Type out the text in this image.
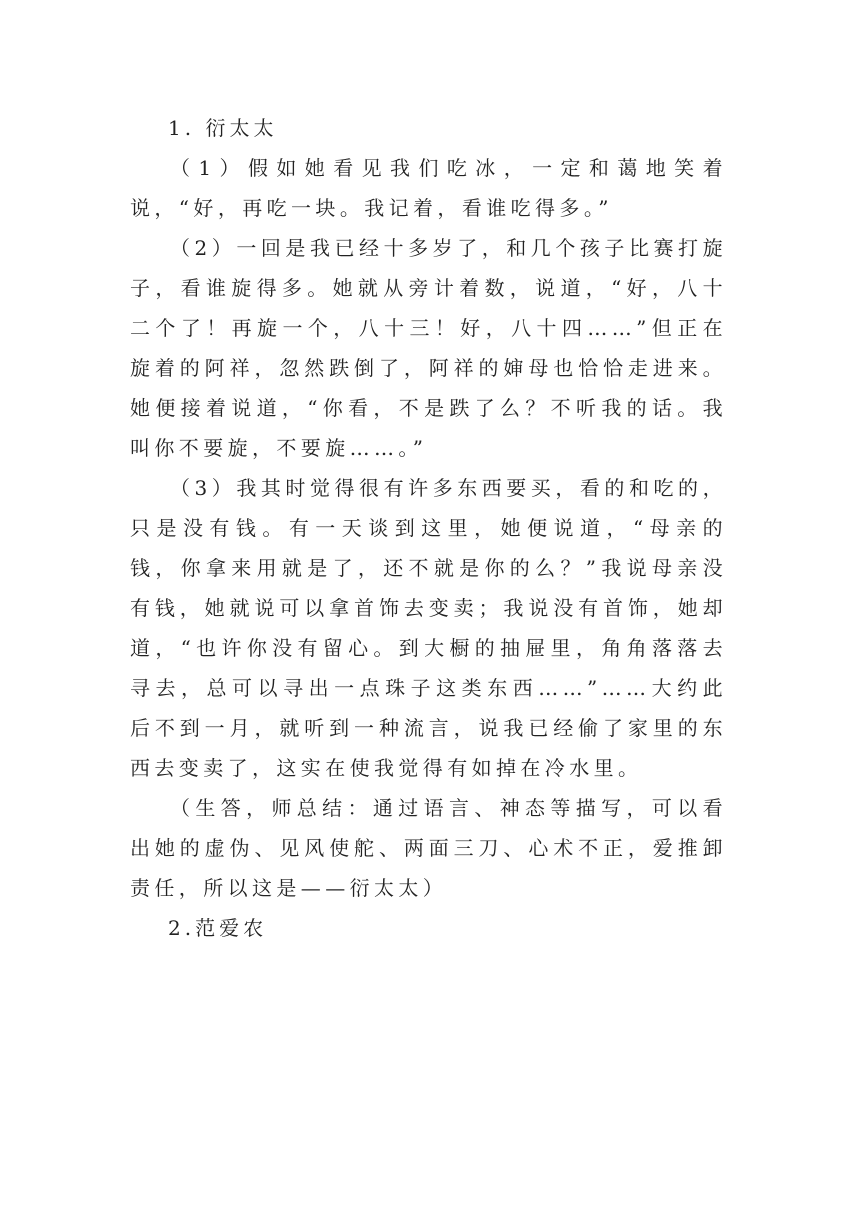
1. 衍太太

（1）假如她看见我们吃冰，一定和蔼地笑着说，“好，再吃一块。我记着，看谁吃得多。”

（2）一回是我已经十多岁了，和几个孩子比赛打旋子，看谁旋得多。她就从旁计着数，说道，“好，八十二个了！再旋一个，八十三！好，八十四……”但正在旋着的阿祥，忽然跌倒了，阿祥的婶母也恰恰走进来。她便接着说道，“你看，不是跌了么？不听我的话。我叫你不要旋，不要旋……。”

（3）我其时觉得很有许多东西要买，看的和吃的，只是没有钱。有一天谈到这里，她便说道，“母亲的钱，你拿来用就是了，还不就是你的么？”我说母亲没有钱，她就说可以拿首饰去变卖；我说没有首饰，她却道，“也许你没有留心。到大橱的抽屉里，角角落落去寻去，总可以寻出一点珠子这类东西……”……大约此后不到一月，就听到一种流言，说我已经偷了家里的东西去变卖了，这实在使我觉得有如掉在冷水里。

（生答，师总结：通过语言、神态等描写，可以看出她的虚伪、见风使舵、两面三刀、心术不正，爱推卸责任，所以这是——衍太太）

2.范爱农
